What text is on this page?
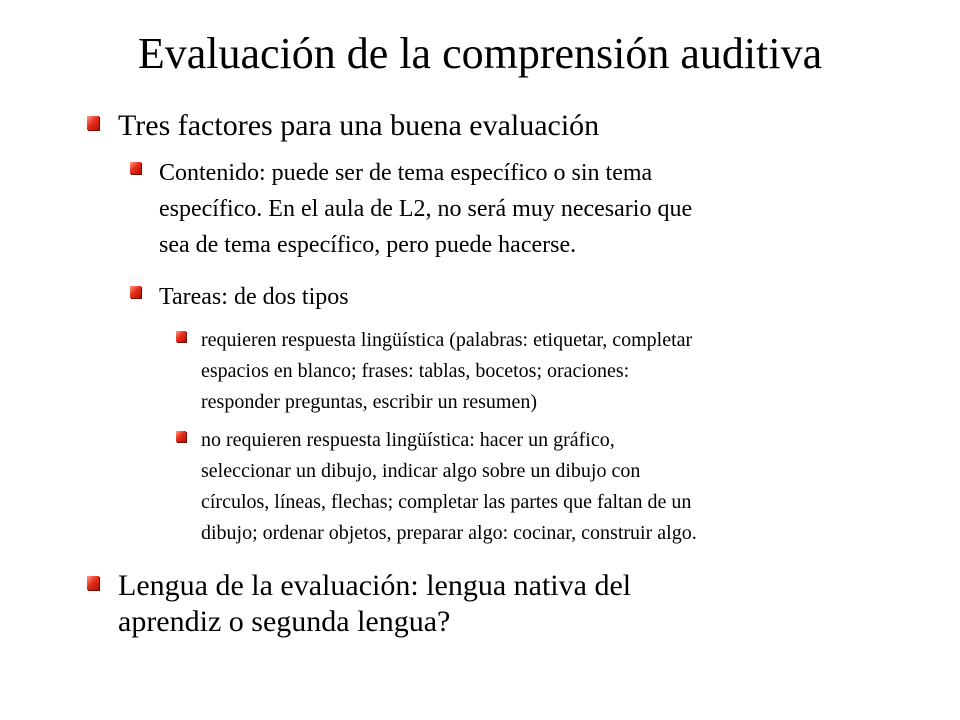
Evaluación de la comprensión auditiva
Tres factores para una buena evaluación
Contenido: puede ser de tema específico o sin tema
específico. En el aula de L2, no será muy necesario que
sea de tema específico, pero puede hacerse.
Tareas: de dos tipos
requieren respuesta lingüística (palabras: etiquetar, completar
espacios en blanco; frases: tablas, bocetos; oraciones:
responder preguntas, escribir un resumen)
no requieren respuesta lingüística: hacer un gráfico,
seleccionar un dibujo, indicar algo sobre un dibujo con
círculos, líneas, flechas; completar las partes que faltan de un
dibujo; ordenar objetos, preparar algo: cocinar, construir algo.
Lengua de la evaluación: lengua nativa del
aprendiz o segunda lengua?
